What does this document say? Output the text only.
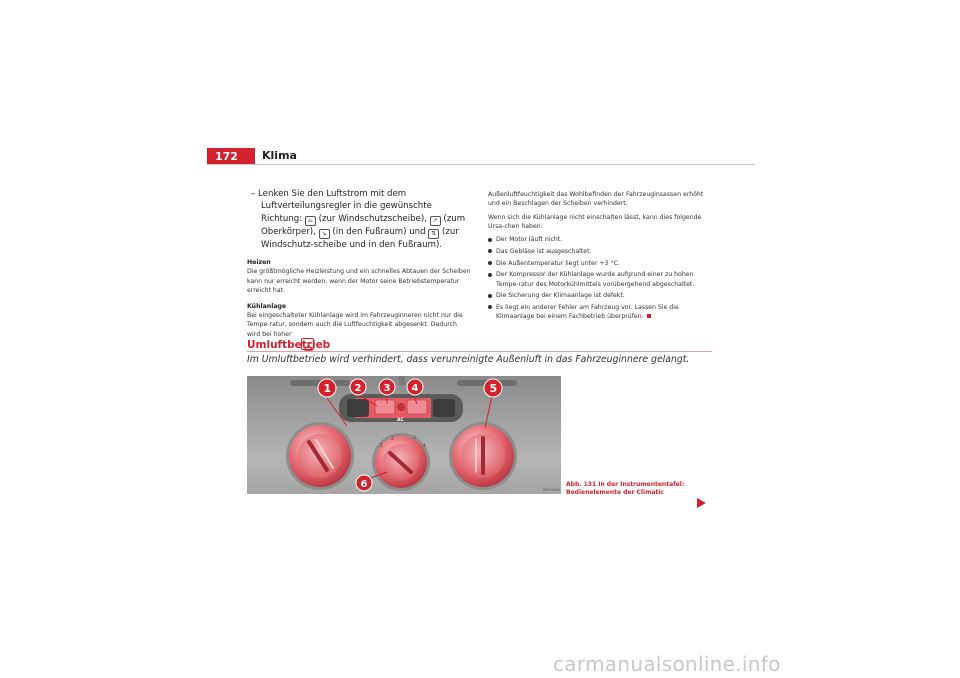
172	Klima

– Lenken Sie den Luftstrom mit dem Luftverteilungsregler in die gewünschte Richtung: ⌓ (zur Windschutzscheibe), ↗ (zum Oberkörper), ↘ (in den Fußraum) und ⇅ (zur Windschutz-scheibe und in den Fußraum).

Heizen

Die größtmögliche Heizleistung und ein schnelles Abtauen der Scheiben kann nur erreicht werden, wenn der Motor seine Betriebstemperatur erreicht hat.

Kühlanlage

Bei eingeschalteter Kühlanlage wird im Fahrzeuginneren nicht nur die Tempe-ratur, sondern auch die Luftfeuchtigkeit abgesenkt. Dadurch wird bei hoher

Außenluftfeuchtigkeit das Wohlbefinden der Fahrzeuginsassen erhöht und ein Beschlagen der Scheiben verhindert.

Wenn sich die Kühlanlage nicht einschalten lässt, kann dies folgende Ursa-chen haben:

Der Motor läuft nicht.
Das Gebläse ist ausgeschaltet.
Die Außentemperatur liegt unter +3 °C.
Der Kompressor der Kühlanlage wurde aufgrund einer zu hohen Tempe-ratur des Motorkühlmittels vorübergehend abgeschaltet.
Die Sicherung der Klimaanlage ist defekt.
Es liegt ein anderer Fehler am Fahrzeug vor. Lassen Sie die Klimaanlage bei einem Fachbetrieb überprüfen.
Umluftbetrieb
Im Umluftbetrieb wird verhindert, dass verunreinigte Außenluft in das Fahrzeuginnere gelangt.
AC
1
2	3
4
1 2 3 4	5
6	B5P-0434
Abb. 131 In der Instrumententafel: Bedienelemente der Climatic
carmanualsonline.info
